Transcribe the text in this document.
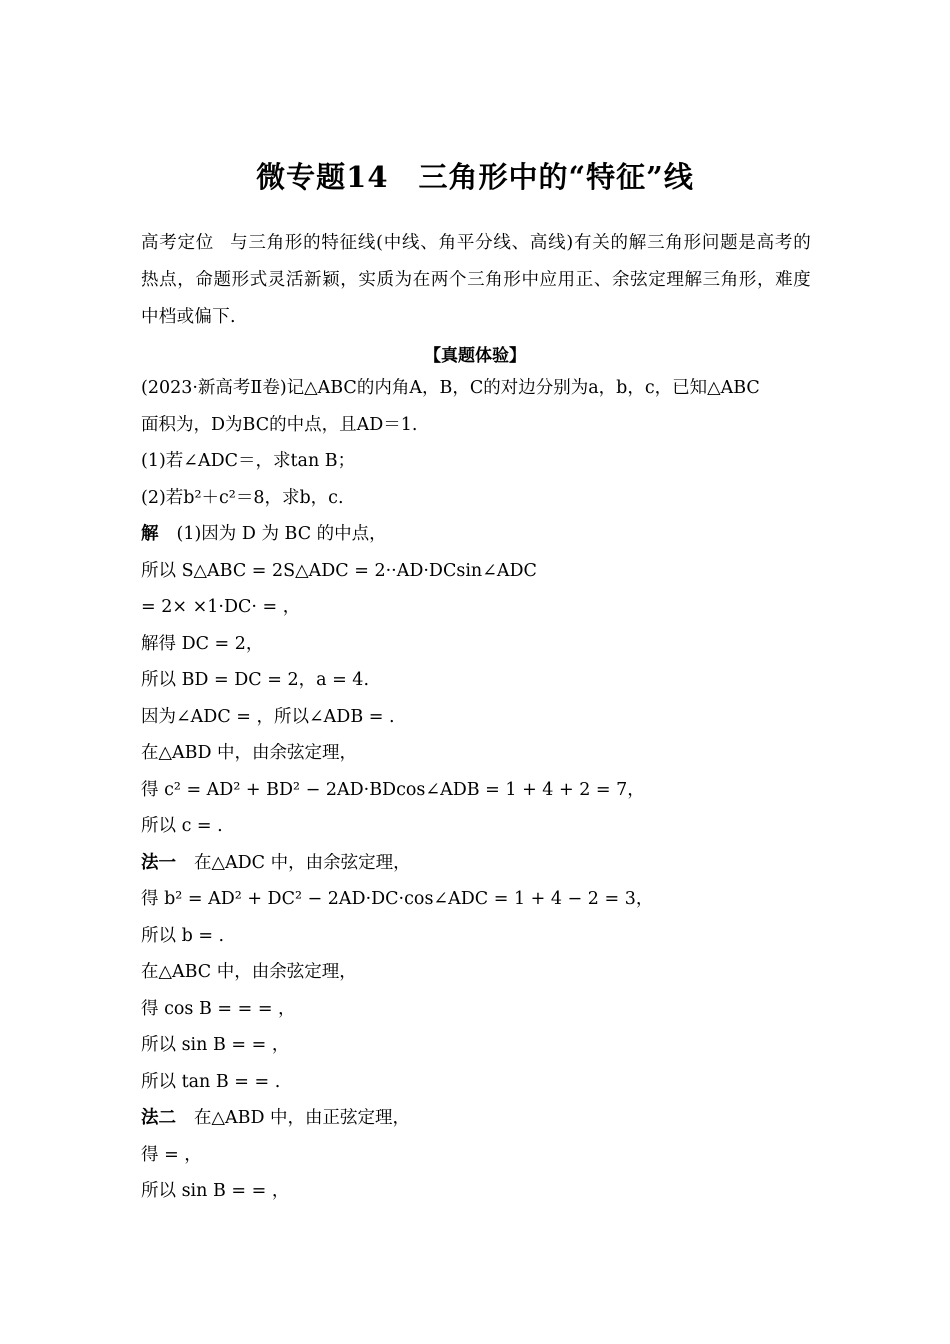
微专题14　三角形中的“特征”线
高考定位 与三角形的特征线(中线、角平分线、高线)有关的解三角形问题是高考的热点，命题形式灵活新颖，实质为在两个三角形中应用正、余弦定理解三角形，难度中档或偏下.
【真题体验】
(2023·新高考Ⅱ卷)记△ABC的内角A，B，C的对边分别为a，b，c，已知△ABC
面积为，D为BC的中点，且AD＝1.
(1)若∠ADC＝，求tan B；
(2)若b²＋c²＝8，求b，c.
解 (1)因为 D 为 BC 的中点，
所以 S△ABC = 2S△ADC = 2··AD·DCsin∠ADC
= 2× ×1·DC· = ，
解得 DC = 2，
所以 BD = DC = 2，a = 4.
因为∠ADC = ，所以∠ADB = .
在△ABD 中，由余弦定理，
得 c² = AD² + BD² − 2AD·BDcos∠ADB = 1 + 4 + 2 = 7，
所以 c = .
法一 在△ADC 中，由余弦定理，
得 b² = AD² + DC² − 2AD·DC·cos∠ADC = 1 + 4 − 2 = 3，
所以 b = .
在△ABC 中，由余弦定理，
得 cos B = = = ，
所以 sin B = = ，
所以 tan B = = .
法二 在△ABD 中，由正弦定理，
得 = ，
所以 sin B = = ，
